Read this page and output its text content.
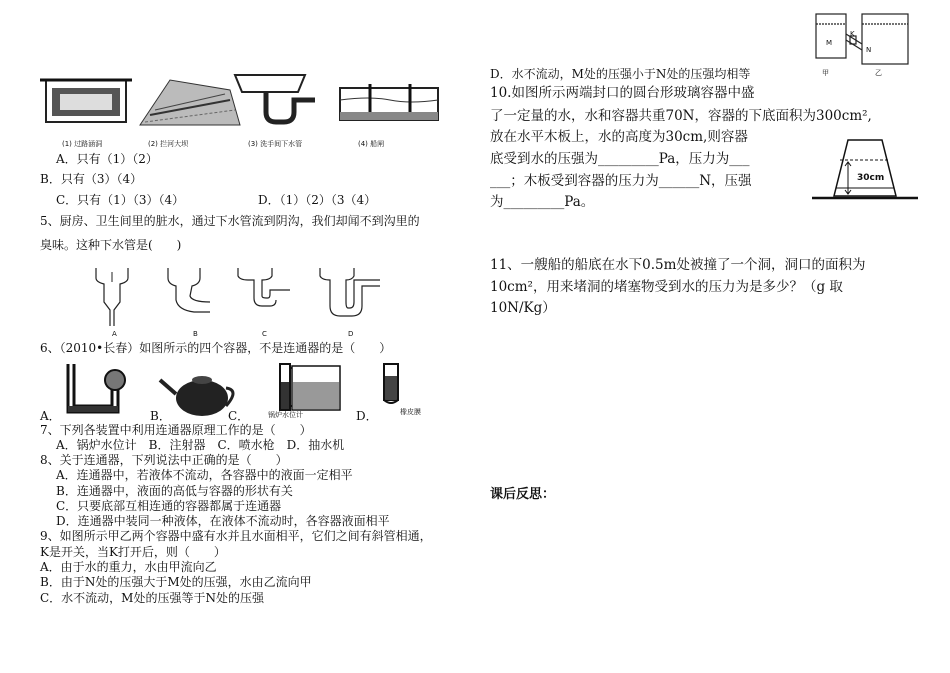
(1) 过路涵洞	(2) 拦河大坝	(3) 洗手间下水管	(4) 船闸
A．只有（1）（2）
B．只有（3）（4）
C．只有（1）（3）（4）	D．（1）（2）（3（4）
5、厨房、卫生间里的脏水，通过下水管流到阴沟，我们却闻不到沟里的
臭味。这种下水管是(　　)
A	B	C	D
6、（2010•长春）如图所示的四个容器，不是连通器的是（　　）
A．	B．	C．	锅炉水位计	D．	橡皮膜
7、下列各装置中利用连通器原理工作的是（　　）
A．锅炉水位计　B．注射器　C．喷水枪　D．抽水机
8、关于连通器，下列说法中正确的是（　　）
A．连通器中，若液体不流动，各容器中的液面一定相平
B．连通器中，液面的高低与容器的形状有关
C．只要底部互相连通的容器都属于连通器
D．连通器中装同一种液体，在液体不流动时，各容器液面相平
9、如图所示甲乙两个容器中盛有水并且水面相平，它们之间有斜管相通，
K是开关，当K打开后，则（　　）
A．由于水的重力，水由甲流向乙
B．由于N处的压强大于M处的压强，水由乙流向甲
C．水不流动，M处的压强等于N处的压强
甲	乙
M
N
K
D．水不流动，M处的压强小于N处的压强均相等
10.如图所示两端封口的圆台形玻璃容器中盛
了一定量的水，水和容器共重70N，容器的下底面积为300cm²,
放在水平木板上，水的高度为30cm,则容器
底受到水的压强为_________Pa，压力为___
___；木板受到容器的压力为______N，压强
为_________Pa。
30cm
11、一艘船的船底在水下0.5m处被撞了一个洞，洞口的面积为
10cm²，用来堵洞的堵塞物受到水的压力为是多少？（g 取
10N/Kg）
课后反思：
